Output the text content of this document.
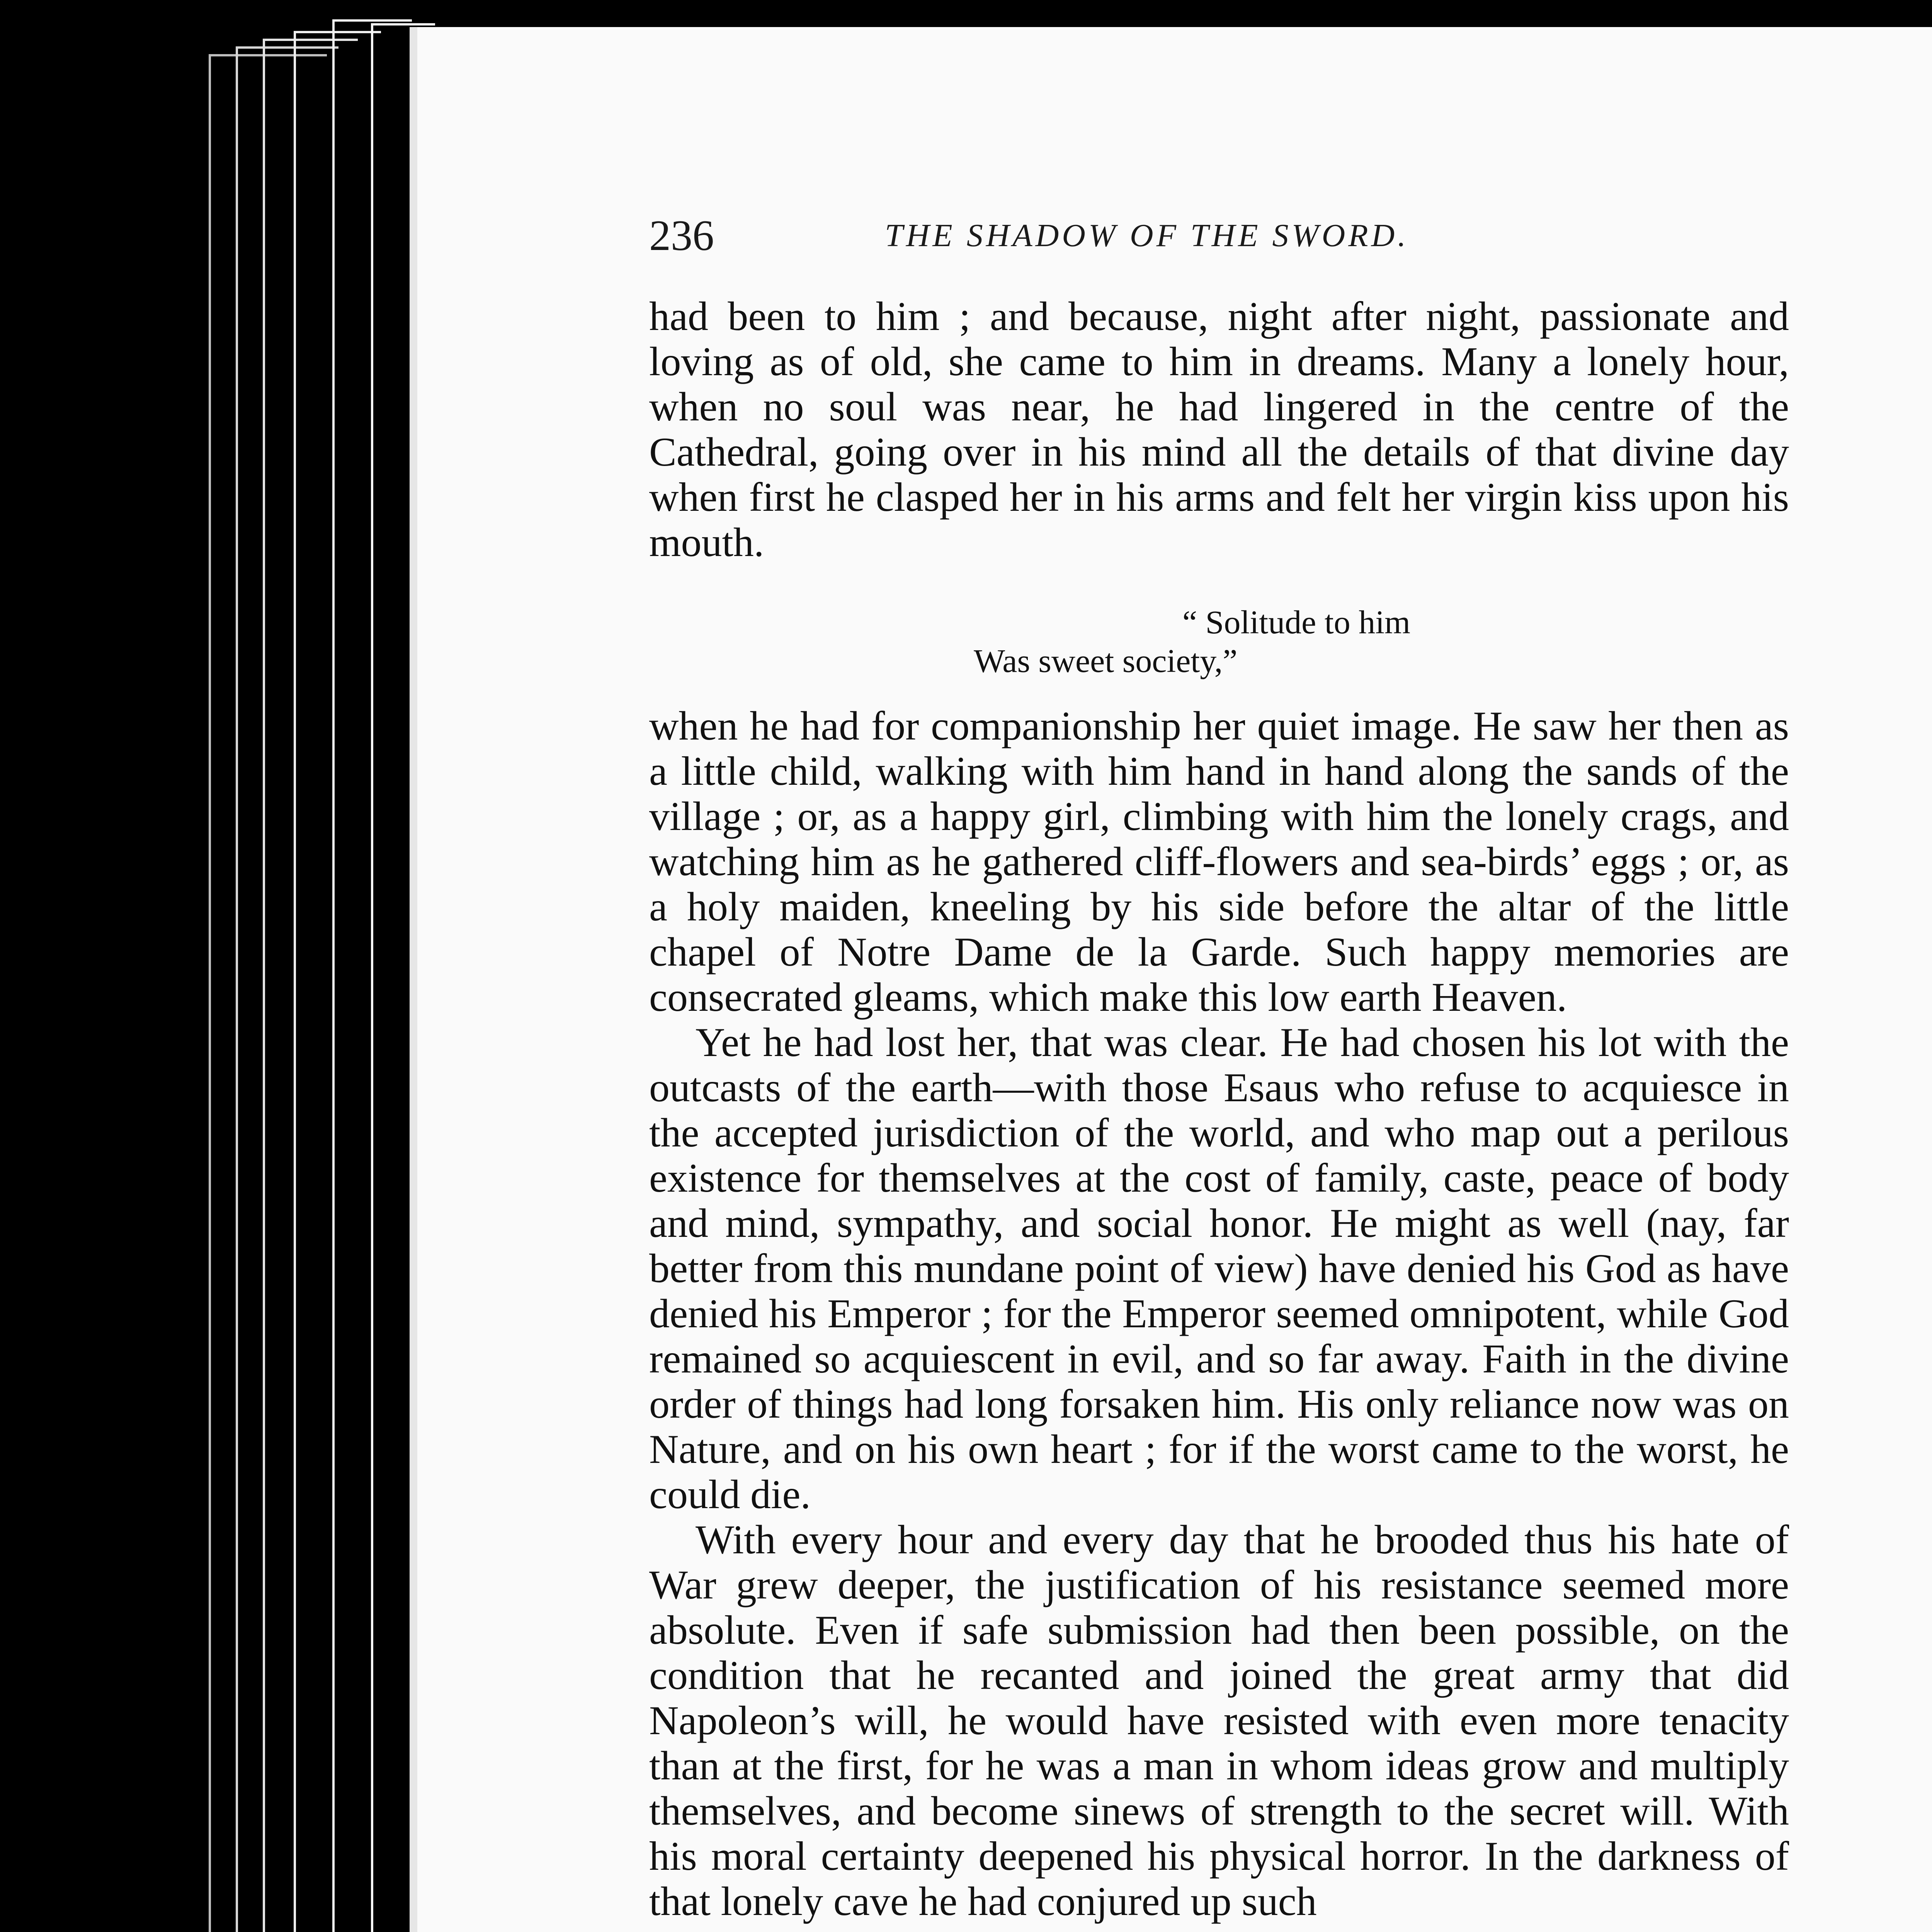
236	THE SHADOW OF THE SWORD.

had been to him ; and because, night after night, passionate and loving as of old, she came to him in dreams. Many a lonely hour, when no soul was near, he had lingered in the centre of the Cathedral, going over in his mind all the details of that divine day when first he clasped her in his arms and felt her virgin kiss upon his mouth.

“ Solitude to him
Was sweet society,”

when he had for companionship her quiet image. He saw her then as a little child, walking with him hand in hand along the sands of the village ; or, as a happy girl, climbing with him the lonely crags, and watching him as he gathered cliff-flowers and sea-birds’ eggs ; or, as a holy maiden, kneeling by his side before the altar of the little chapel of Notre Dame de la Garde. Such happy memories are consecrated gleams, which make this low earth Heaven.

Yet he had lost her, that was clear. He had chosen his lot with the outcasts of the earth—with those Esaus who refuse to acquiesce in the accepted jurisdiction of the world, and who map out a perilous existence for themselves at the cost of family, caste, peace of body and mind, sympathy, and social honor. He might as well (nay, far better from this mundane point of view) have denied his God as have denied his Emperor ; for the Emperor seemed omnipotent, while God remained so acquiescent in evil, and so far away. Faith in the divine order of things had long forsaken him. His only reliance now was on Nature, and on his own heart ; for if the worst came to the worst, he could die.

With every hour and every day that he brooded thus his hate of War grew deeper, the justification of his resistance seemed more absolute. Even if safe submission had then been possible, on the condition that he recanted and joined the great army that did Napoleon’s will, he would have resisted with even more tenacity than at the first, for he was a man in whom ideas grow and multiply themselves, and become sinews of strength to the secret will. With his moral certainty deepened his physical horror. In the darkness of that lonely cave he had conjured up such
